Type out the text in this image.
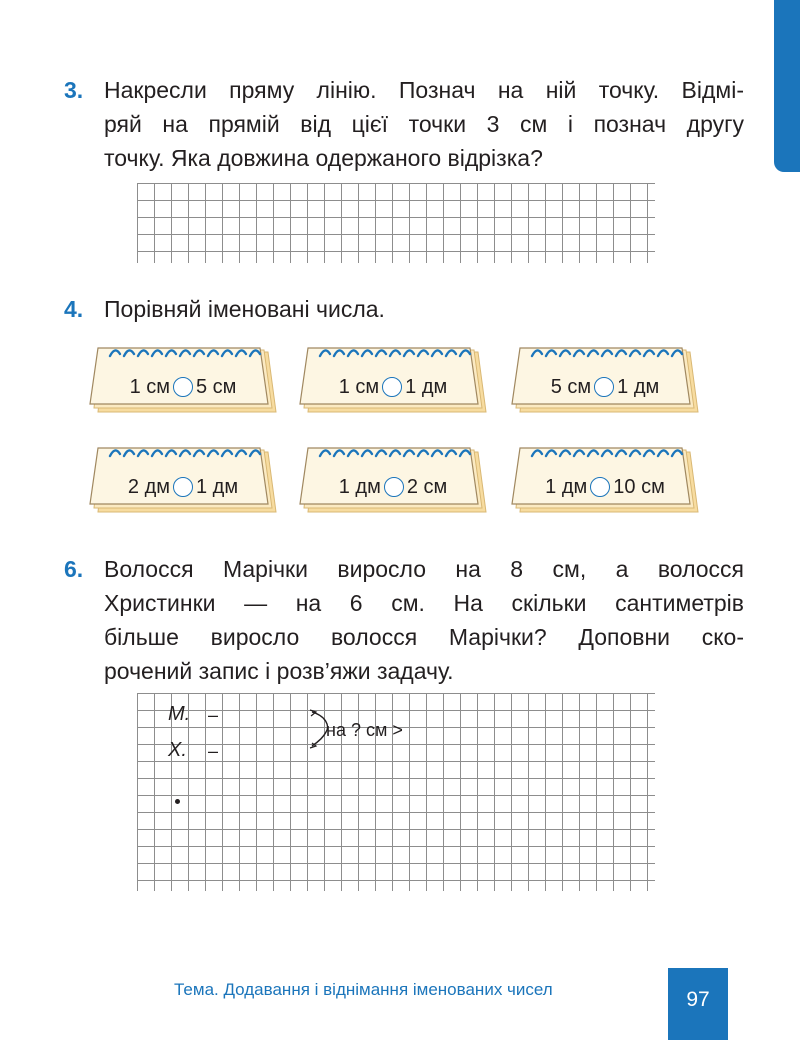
3. Накресли пряму лінію. Познач на ній точку. Відмі-
ряй на прямій від цієї точки 3 см і познач другу
точку. Яка довжина одержаного відрізка?
4. Порівняй іменовані числа.
1 см 5 см	1 см 1 дм	5 см 1 дм
2 дм 1 дм	1 дм 2 см	1 дм 10 см
6. Волосся Марічки виросло на 8 см, а волосся
Христинки — на 6 см. На скільки сантиметрів
більше виросло волосся Марічки? Доповни ско-
рочений запис і розв’яжи задачу.
М. –
Х. –
на ? см >
Тема. Додавання і віднімання іменованих чисел	97
